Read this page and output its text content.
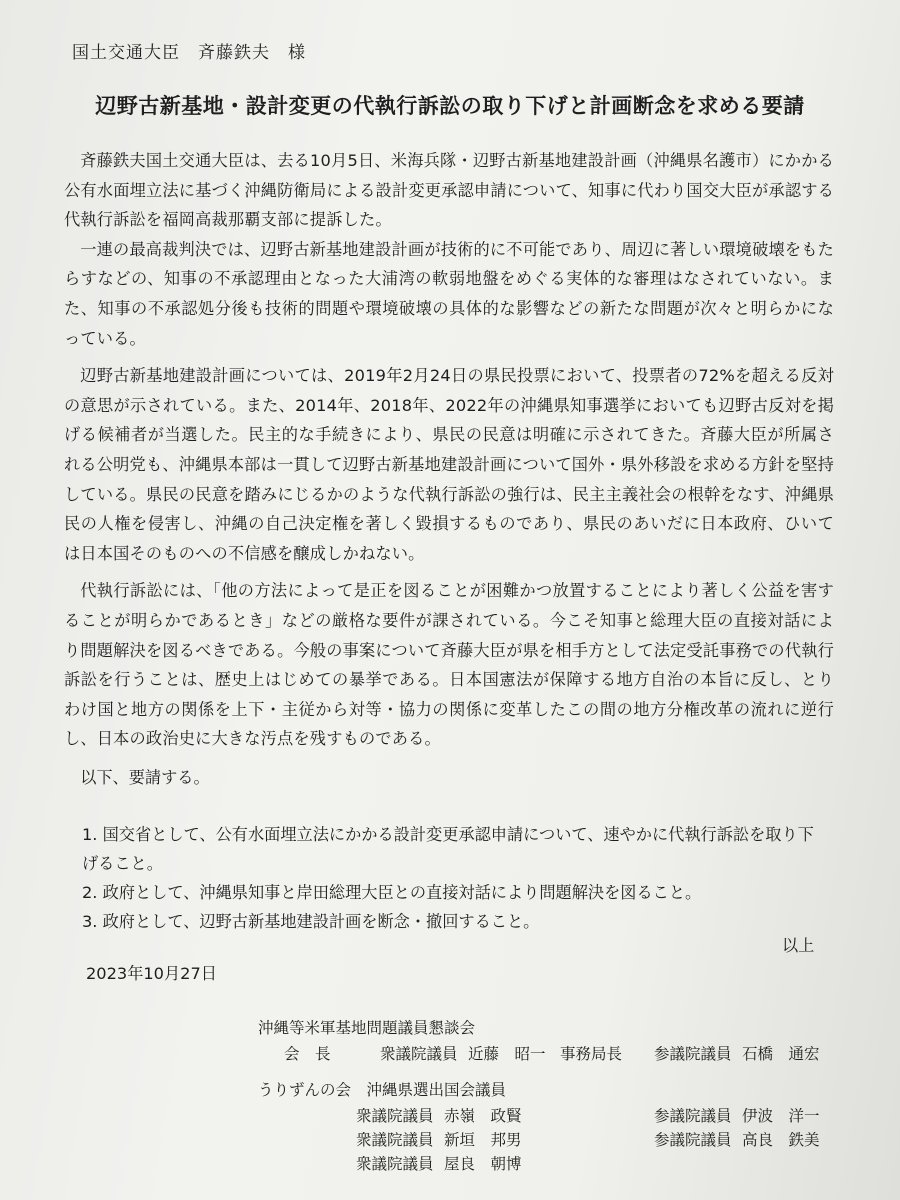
国土交通大臣　斉藤鉄夫　様
辺野古新基地・設計変更の代執行訴訟の取り下げと計画断念を求める要請

斉藤鉄夫国土交通大臣は、去る10月5日、米海兵隊・辺野古新基地建設計画（沖縄県名護市）にかかる公有水面埋立法に基づく沖縄防衛局による設計変更承認申請について、知事に代わり国交大臣が承認する代執行訴訟を福岡高裁那覇支部に提訴した。

一連の最高裁判決では、辺野古新基地建設計画が技術的に不可能であり、周辺に著しい環境破壊をもたらすなどの、知事の不承認理由となった大浦湾の軟弱地盤をめぐる実体的な審理はなされていない。また、知事の不承認処分後も技術的問題や環境破壊の具体的な影響などの新たな問題が次々と明らかになっている。

辺野古新基地建設計画については、2019年2月24日の県民投票において、投票者の72%を超える反対の意思が示されている。また、2014年、2018年、2022年の沖縄県知事選挙においても辺野古反対を掲げる候補者が当選した。民主的な手続きにより、県民の民意は明確に示されてきた。斉藤大臣が所属される公明党も、沖縄県本部は一貫して辺野古新基地建設計画について国外・県外移設を求める方針を堅持している。県民の民意を踏みにじるかのような代執行訴訟の強行は、民主主義社会の根幹をなす、沖縄県民の人権を侵害し、沖縄の自己決定権を著しく毀損するものであり、県民のあいだに日本政府、ひいては日本国そのものへの不信感を醸成しかねない。

代執行訴訟には、「他の方法によって是正を図ることが困難かつ放置することにより著しく公益を害することが明らかであるとき」などの厳格な要件が課されている。今こそ知事と総理大臣の直接対話により問題解決を図るべきである。今般の事案について斉藤大臣が県を相手方として法定受託事務での代執行訴訟を行うことは、歴史上はじめての暴挙である。日本国憲法が保障する地方自治の本旨に反し、とりわけ国と地方の関係を上下・主従から対等・協力の関係に変革したこの間の地方分権改革の流れに逆行し、日本の政治史に大きな汚点を残すものである。

以下、要請する。
1. 国交省として、公有水面埋立法にかかる設計変更承認申請について、速やかに代執行訴訟を取り下げること。
2. 政府として、沖縄県知事と岸田総理大臣との直接対話により問題解決を図ること。
3. 政府として、辺野古新基地建設計画を断念・撤回すること。
以上
2023年10月27日
沖縄等米軍基地問題議員懇談会
会　長	衆議院議員 近藤　昭一 事務局長 参議院議員 石橋　通宏
うりずんの会　沖縄県選出国会議員
衆議院議員 赤嶺　政賢
衆議院議員 新垣　邦男
衆議院議員 屋良　朝博
参議院議員 伊波　洋一
参議院議員 高良　鉄美
